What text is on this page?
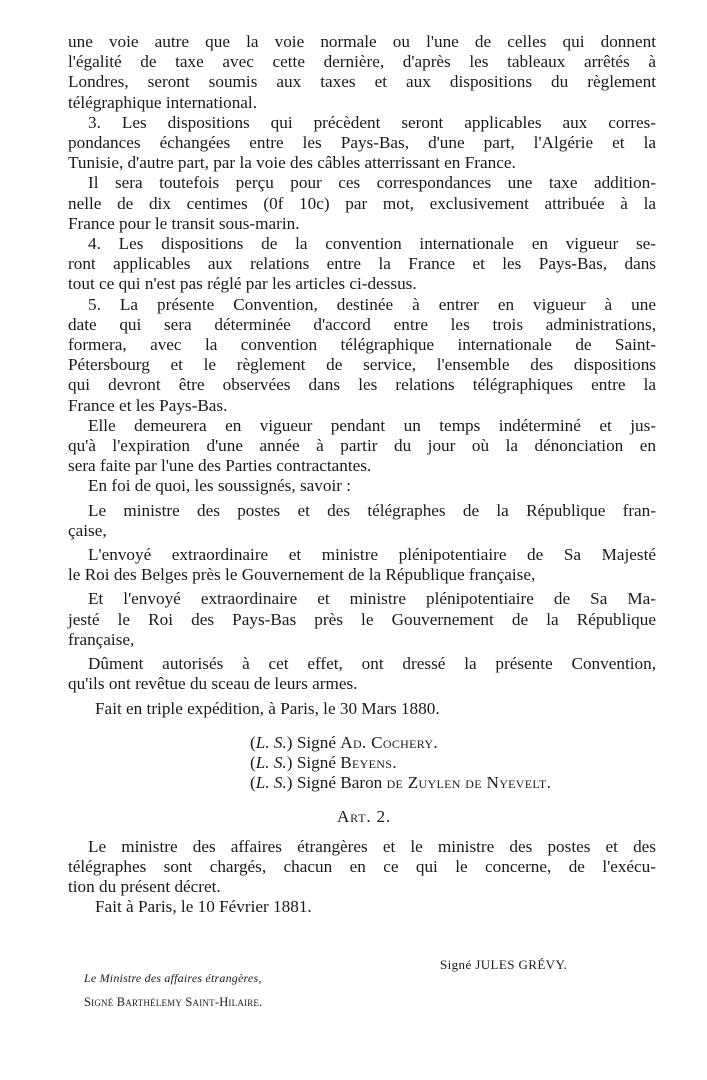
une voie autre que la voie normale ou l'une de celles qui donnent

l'égalité de taxe avec cette dernière, d'après les tableaux arrêtés à

Londres, seront soumis aux taxes et aux dispositions du règlement

télégraphique international.

3. Les dispositions qui précèdent seront applicables aux corres-

pondances échangées entre les Pays-Bas, d'une part, l'Algérie et la

Tunisie, d'autre part, par la voie des câbles atterrissant en France.

Il sera toutefois perçu pour ces correspondances une taxe addition-

nelle de dix centimes (0f 10c) par mot, exclusivement attribuée à la

France pour le transit sous-marin.

4. Les dispositions de la convention internationale en vigueur se-

ront applicables aux relations entre la France et les Pays-Bas, dans

tout ce qui n'est pas réglé par les articles ci-dessus.

5. La présente Convention, destinée à entrer en vigueur à une

date qui sera déterminée d'accord entre les trois administrations,

formera, avec la convention télégraphique internationale de Saint-

Pétersbourg et le règlement de service, l'ensemble des dispositions

qui devront être observées dans les relations télégraphiques entre la

France et les Pays-Bas.

Elle demeurera en vigueur pendant un temps indéterminé et jus-

qu'à l'expiration d'une année à partir du jour où la dénonciation en

sera faite par l'une des Parties contractantes.

En foi de quoi, les soussignés, savoir :

Le ministre des postes et des télégraphes de la République fran-

çaise,

L'envoyé extraordinaire et ministre plénipotentiaire de Sa Majesté

le Roi des Belges près le Gouvernement de la République française,

Et l'envoyé extraordinaire et ministre plénipotentiaire de Sa Ma-

jesté le Roi des Pays-Bas près le Gouvernement de la République

française,

Dûment autorisés à cet effet, ont dressé la présente Convention,

qu'ils ont revêtue du sceau de leurs armes.

Fait en triple expédition, à Paris, le 30 Mars 1880.

(L. S.) Signé Ad. Cochery.
(L. S.) Signé Beyens.
(L. S.) Signé Baron de Zuylen de Nyevelt.
Art. 2.

Le ministre des affaires étrangères et le ministre des postes et des

télégraphes sont chargés, chacun en ce qui le concerne, de l'exécu-

tion du présent décret.

Fait à Paris, le 10 Février 1881.

Signé JULES GRÉVY.
Le Ministre des affaires étrangères,
Signé Barthélemy Saint-Hilaire.
